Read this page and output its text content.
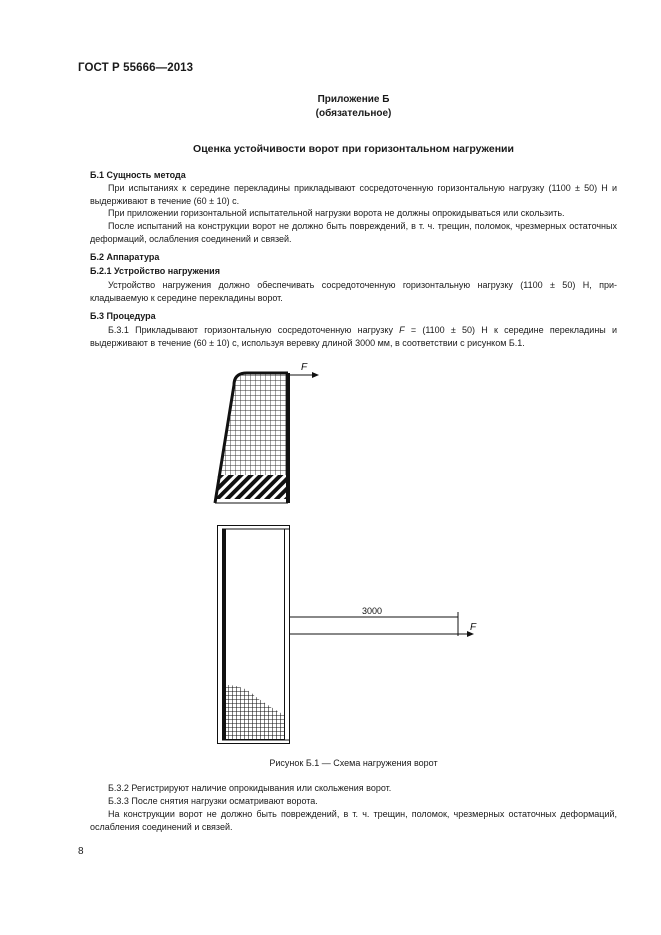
ГОСТ Р 55666—2013
Приложение Б
(обязательное)
Оценка устойчивости ворот при горизонтальном нагружении
Б.1 Сущность метода
При испытаниях к середине перекладины прикладывают сосредоточенную горизонтальную нагрузку (1100 ± 50) Н и выдерживают в течение (60 ± 10) с.
При приложении горизонтальной испытательной нагрузки ворота не должны опрокидываться или скользить.
После испытаний на конструкции ворот не должно быть повреждений, в т. ч. трещин, поломок, чрезмерных остаточных деформаций, ослабления соединений и связей.
Б.2 Аппаратура
Б.2.1 Устройство нагружения
Устройство нагружения должно обеспечивать сосредоточенную горизонтальную нагрузку (1100 ± 50) Н, прикладываемую к середине перекладины ворот.
Б.3 Процедура
Б.3.1 Прикладывают горизонтальную сосредоточенную нагрузку F = (1100 ± 50) Н к середине перекладины и выдерживают в течение (60 ± 10) с, используя веревку длиной 3000 мм, в соответствии с рисунком Б.1.
F
3000
F
Рисунок Б.1 — Схема нагружения ворот
Б.3.2 Регистрируют наличие опрокидывания или скольжения ворот.
Б.3.3 После снятия нагрузки осматривают ворота.
На конструкции ворот не должно быть повреждений, в т. ч. трещин, поломок, чрезмерных остаточных деформаций, ослабления соединений и связей.
8
